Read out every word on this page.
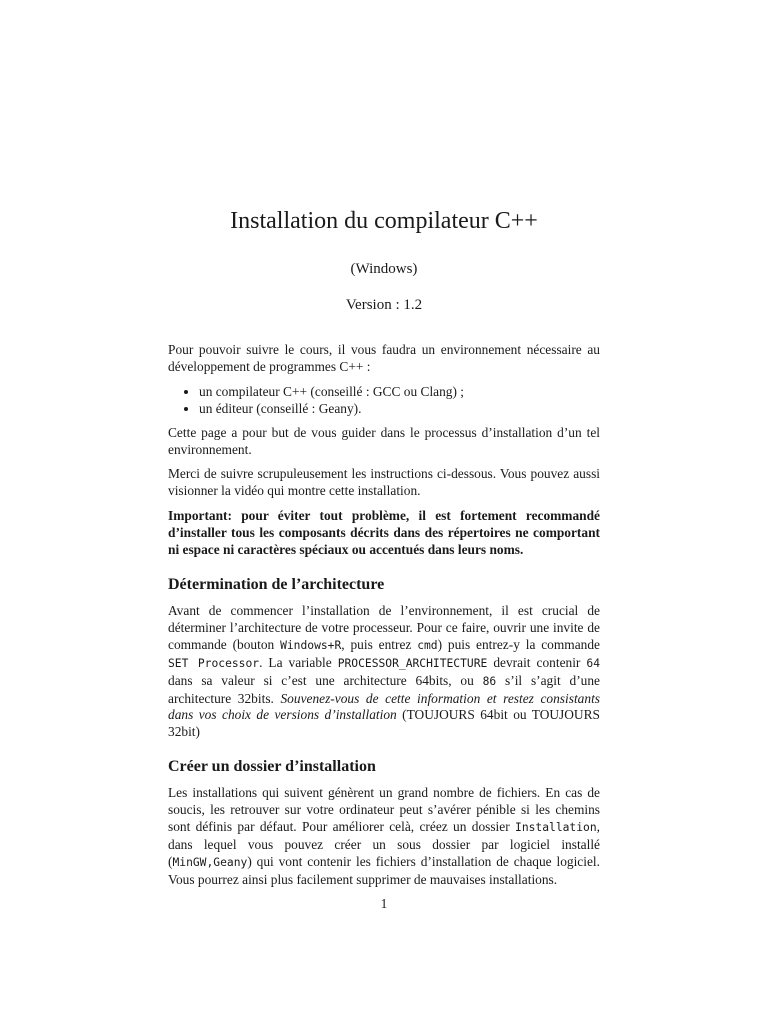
Installation du compilateur C++
(Windows)
Version : 1.2

Pour pouvoir suivre le cours, il vous faudra un environnement nécessaire au développement de programmes C++ :

• un compilateur C++ (conseillé : GCC ou Clang) ;
• un éditeur (conseillé : Geany).

Cette page a pour but de vous guider dans le processus d’installation d’un tel environnement.

Merci de suivre scrupuleusement les instructions ci-dessous. Vous pouvez aussi visionner la vidéo qui montre cette installation.

Important: pour éviter tout problème, il est fortement recommandé d’installer tous les composants décrits dans des répertoires ne comportant ni espace ni caractères spéciaux ou accentués dans leurs noms.

Détermination de l’architecture

Avant de commencer l’installation de l’environnement, il est crucial de déterminer l’architecture de votre processeur. Pour ce faire, ouvrir une invite de commande (bouton Windows+R, puis entrez cmd) puis entrez-y la commande SET Processor. La variable PROCESSOR_ARCHITECTURE devrait contenir 64 dans sa valeur si c’est une architecture 64bits, ou 86 s’il s’agit d’une architecture 32bits. Souvenez-vous de cette information et restez consistants dans vos choix de versions d’installation (TOUJOURS 64bit ou TOUJOURS 32bit)

Créer un dossier d’installation

Les installations qui suivent génèrent un grand nombre de fichiers. En cas de soucis, les retrouver sur votre ordinateur peut s’avérer pénible si les chemins sont définis par défaut. Pour améliorer celà, créez un dossier Installation, dans lequel vous pouvez créer un sous dossier par logiciel installé (MinGW,Geany) qui vont contenir les fichiers d’installation de chaque logiciel. Vous pourrez ainsi plus facilement supprimer de mauvaises installations.

1
